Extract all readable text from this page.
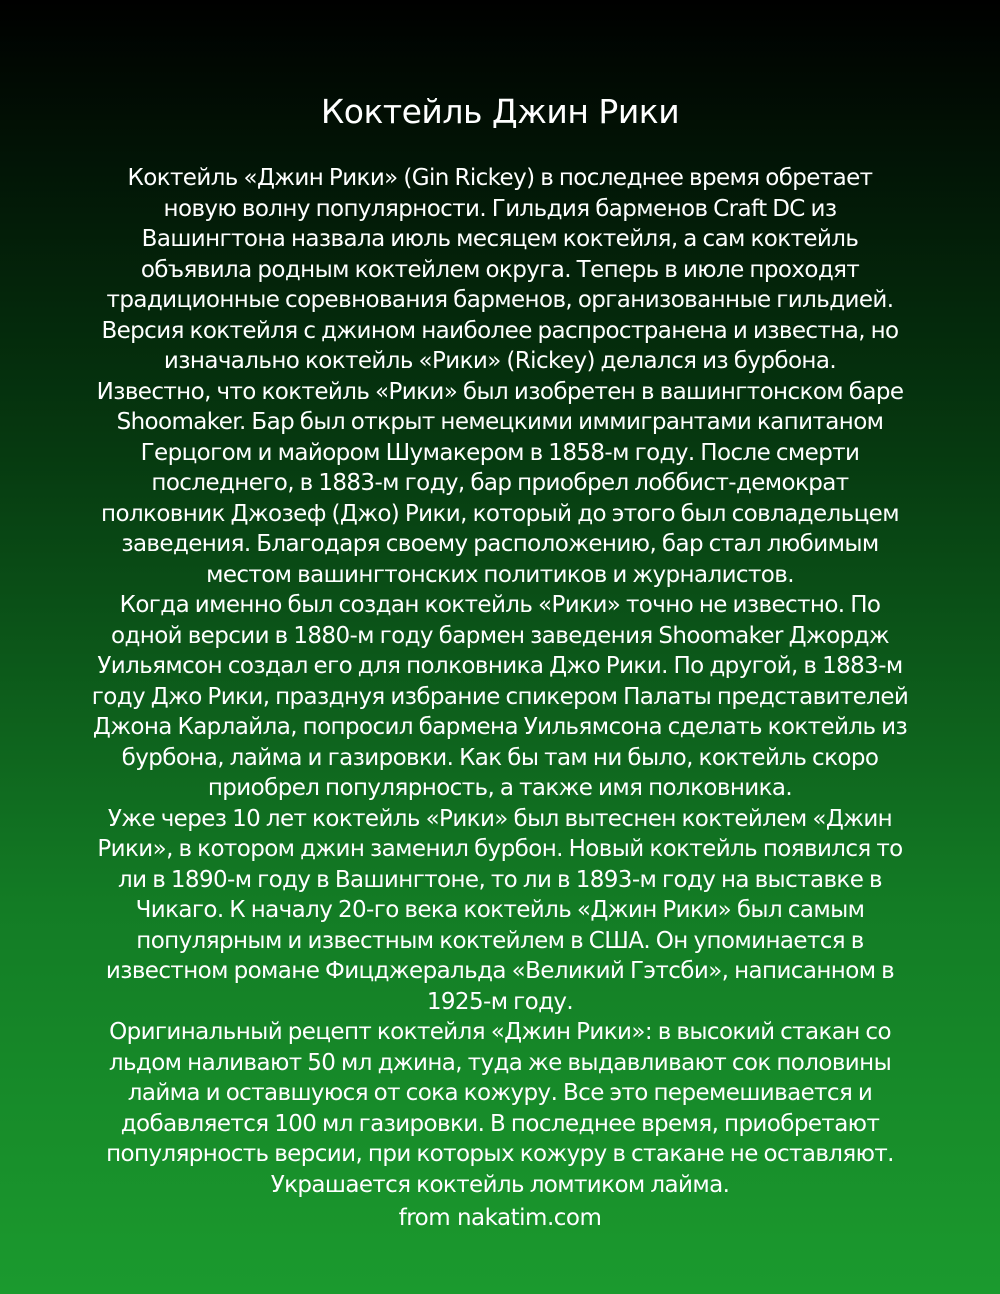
Коктейль Джин Рики

Коктейль «Джин Рики» (Gin Rickey) в последнее время обретает новую волну популярности. Гильдия барменов Craft DC из Вашингтона назвала июль месяцем коктейля, а сам коктейль объявила родным коктейлем округа. Теперь в июле проходят традиционные соревнования барменов, организованные гильдией. Версия коктейля с джином наиболее распространена и известна, но изначально коктейль «Рики» (Rickey) делался из бурбона.

Известно, что коктейль «Рики» был изобретен в вашингтонском баре Shoomaker. Бар был открыт немецкими иммигрантами капитаном Герцогом и майором Шумакером в 1858-м году. После смерти последнего, в 1883-м году, бар приобрел лоббист-демократ полковник Джозеф (Джо) Рики, который до этого был совладельцем заведения. Благодаря своему расположению, бар стал любимым местом вашингтонских политиков и журналистов.

Когда именно был создан коктейль «Рики» точно не известно. По одной версии в 1880-м году бармен заведения Shoomaker Джордж Уильямсон создал его для полковника Джо Рики. По другой, в 1883-м году Джо Рики, празднуя избрание спикером Палаты представителей Джона Карлайла, попросил бармена Уильямсона сделать коктейль из бурбона, лайма и газировки. Как бы там ни было, коктейль скоро приобрел популярность, а также имя полковника.

Уже через 10 лет коктейль «Рики» был вытеснен коктейлем «Джин Рики», в котором джин заменил бурбон. Новый коктейль появился то ли в 1890-м году в Вашингтоне, то ли в 1893-м году на выставке в Чикаго. К началу 20-го века коктейль «Джин Рики» был самым популярным и известным коктейлем в США. Он упоминается в известном романе Фицджеральда «Великий Гэтсби», написанном в 1925-м году.

Оригинальный рецепт коктейля «Джин Рики»: в высокий стакан со льдом наливают 50 мл джина, туда же выдавливают сок половины лайма и оставшуюся от сока кожуру. Все это перемешивается и добавляется 100 мл газировки. В последнее время, приобретают популярность версии, при которых кожуру в стакане не оставляют. Украшается коктейль ломтиком лайма.

from nakatim.com
